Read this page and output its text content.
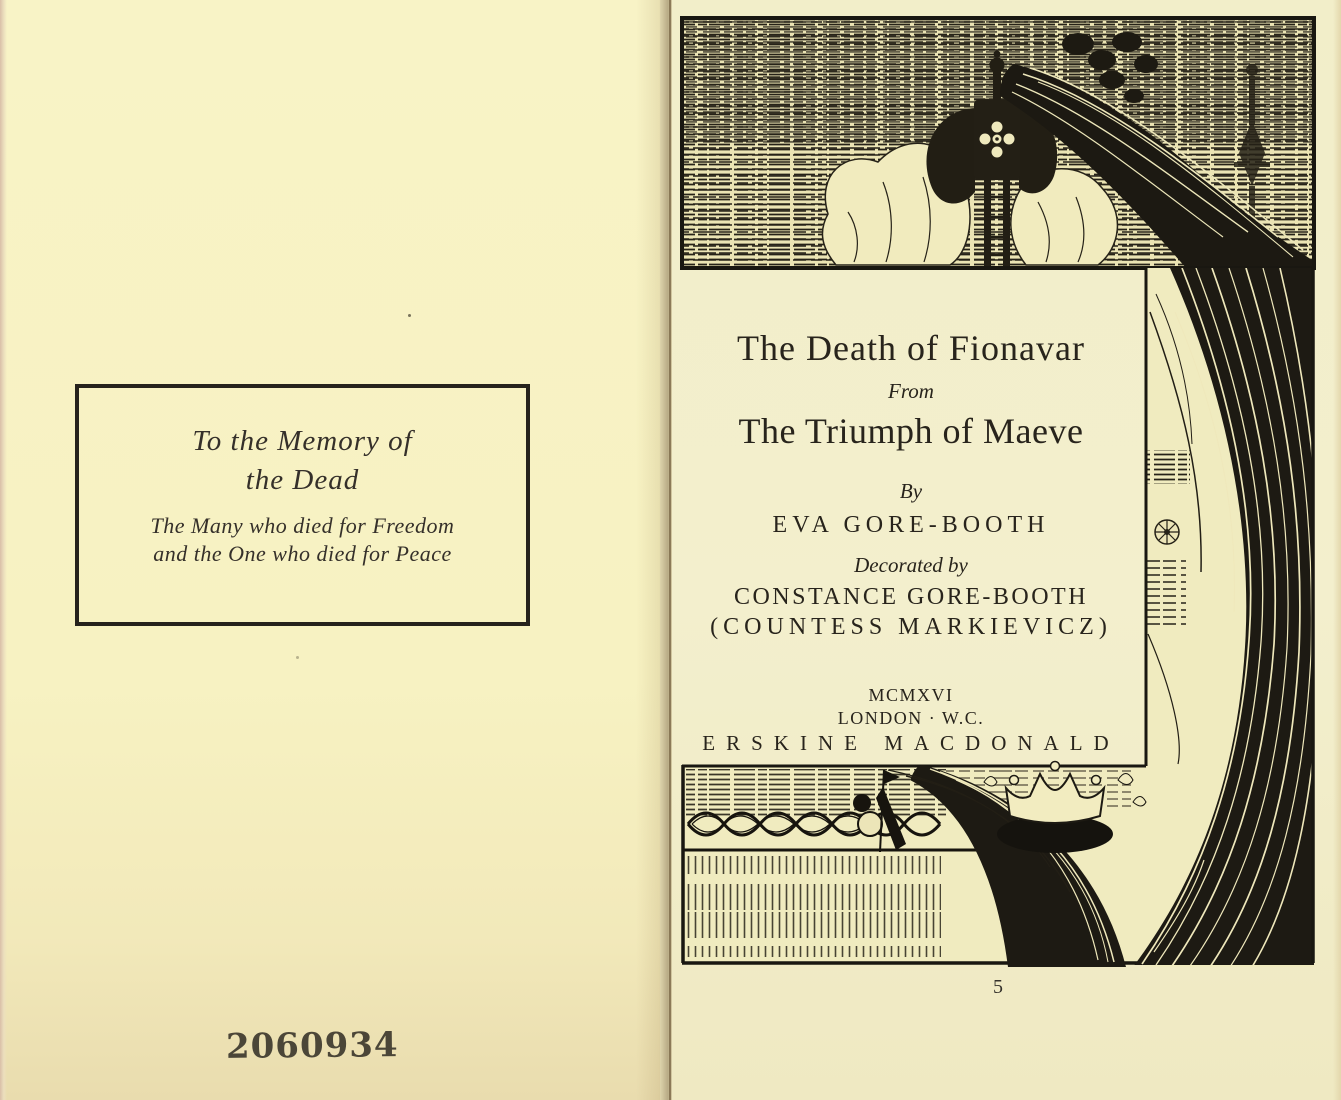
To the Memory of
the Dead
The Many who died for Freedom
and the One who died for Peace
2060934
The Death of Fionavar
From
The Triumph of Maeve
By
EVA GORE-BOOTH
Decorated by
CONSTANCE GORE-BOOTH
(COUNTESS MARKIEVICZ)
MCMXVI
LONDON · W.C.
ERSKINE MACDONALD
5
